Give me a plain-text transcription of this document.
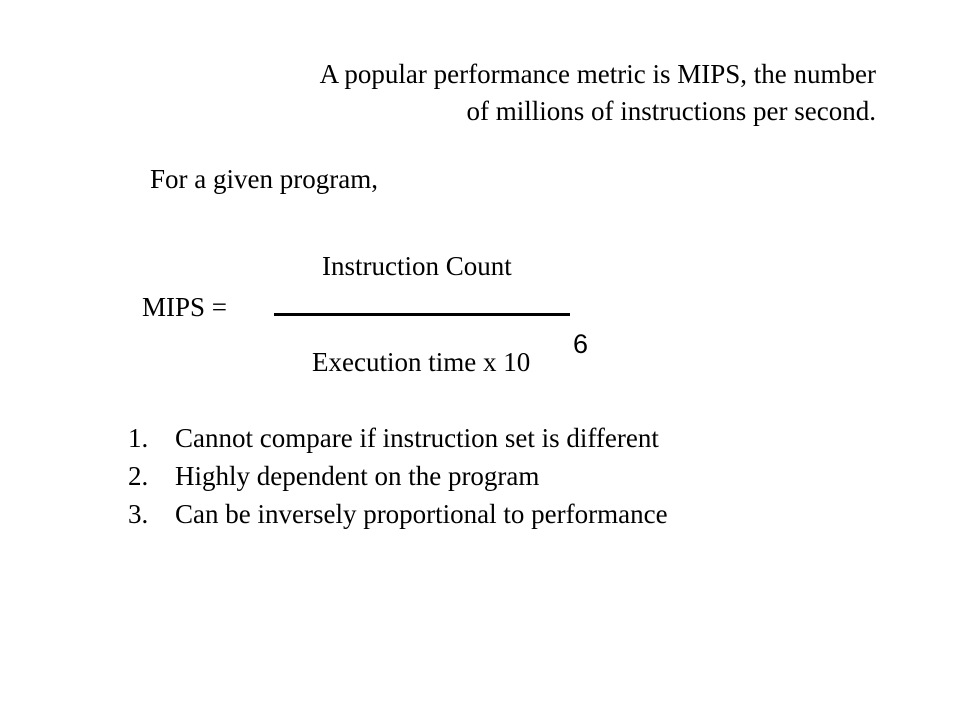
A popular performance metric is MIPS, the number
of millions of instructions per second.
For a given program,
Instruction Count
MIPS =
Execution time x 10
6
1. Cannot compare if instruction set is different
2. Highly dependent on the program
3. Can be inversely proportional to performance
